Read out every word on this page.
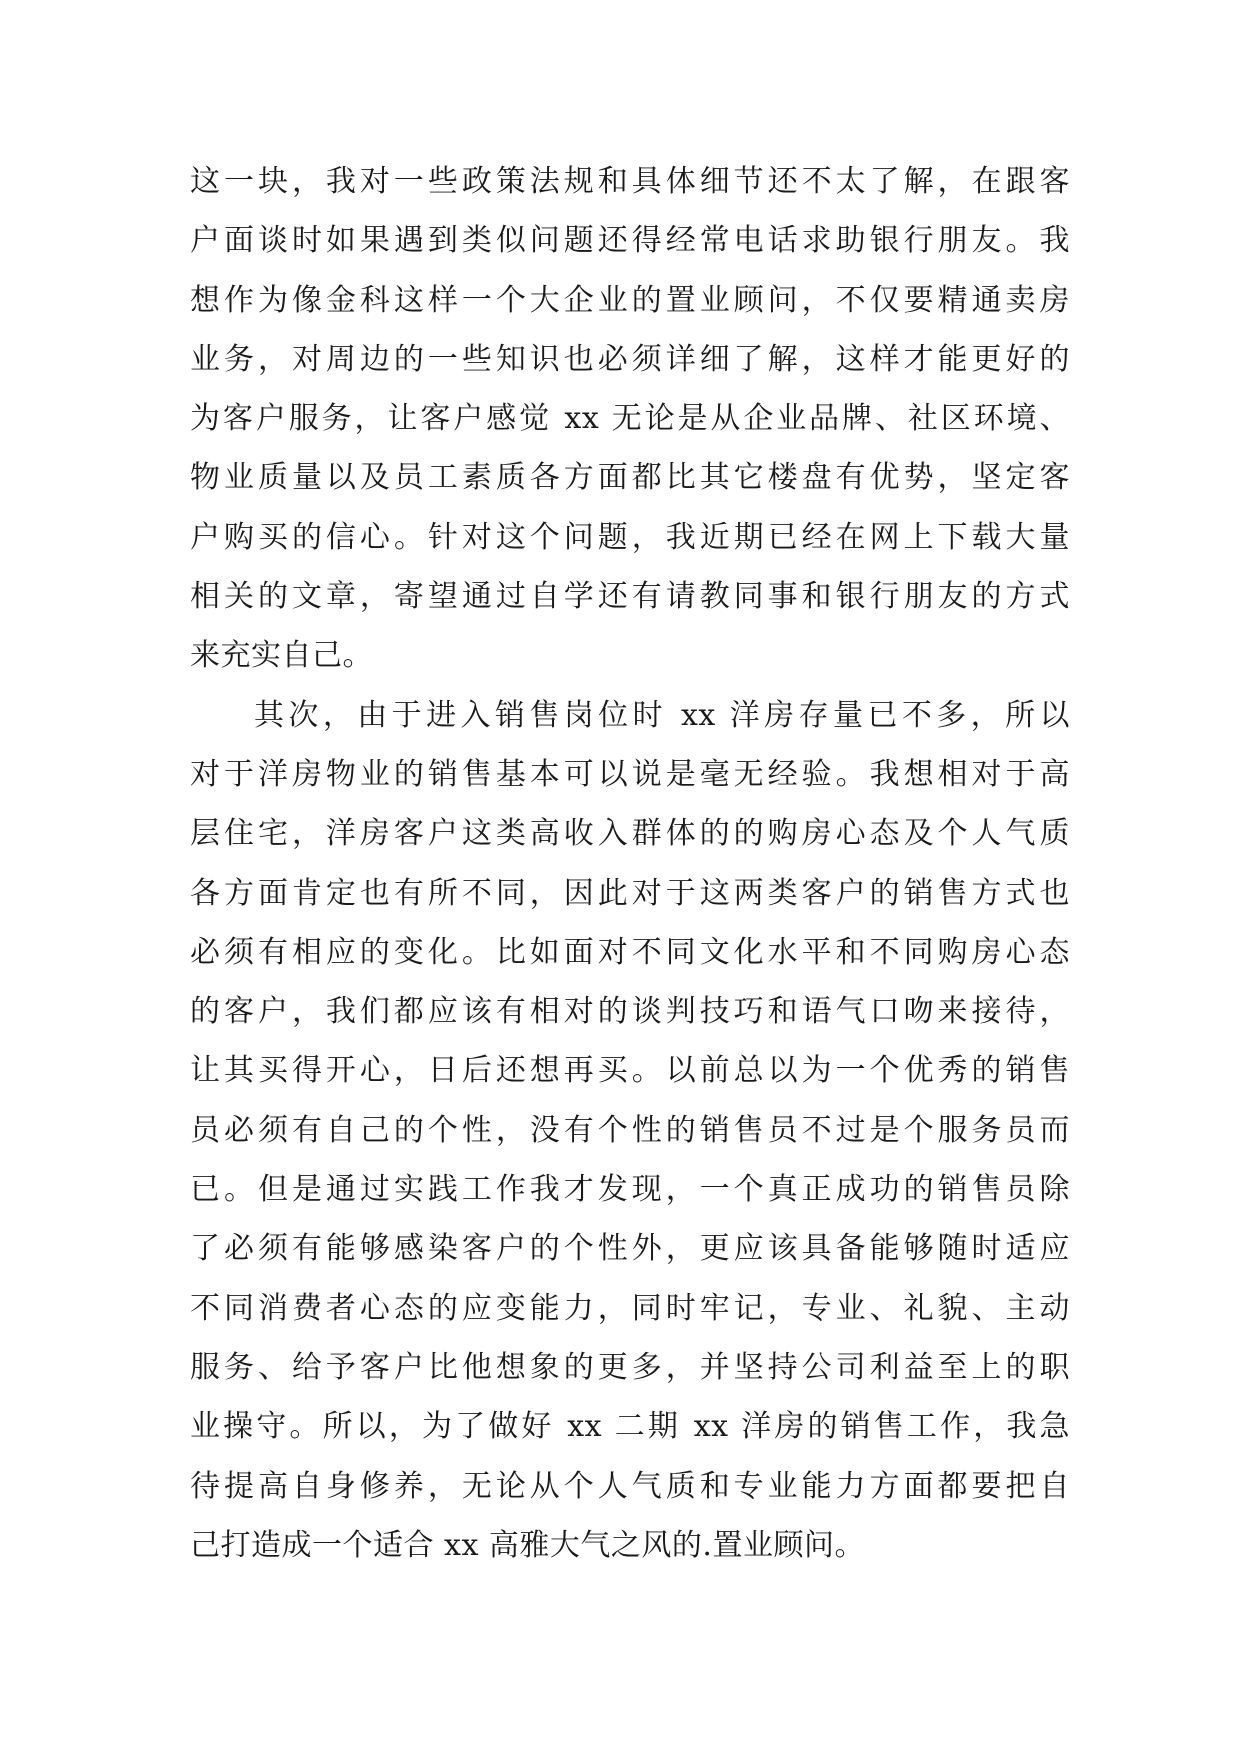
这一块，我对一些政策法规和具体细节还不太了解，在跟客
户面谈时如果遇到类似问题还得经常电话求助银行朋友。我
想作为像金科这样一个大企业的置业顾问，不仅要精通卖房
业务，对周边的一些知识也必须详细了解，这样才能更好的
为客户服务，让客户感觉 xx 无论是从企业品牌、社区环境、
物业质量以及员工素质各方面都比其它楼盘有优势，坚定客
户购买的信心。针对这个问题，我近期已经在网上下载大量
相关的文章，寄望通过自学还有请教同事和银行朋友的方式
来充实自己。
其次，由于进入销售岗位时 xx 洋房存量已不多，所以
对于洋房物业的销售基本可以说是毫无经验。我想相对于高
层住宅，洋房客户这类高收入群体的的购房心态及个人气质
各方面肯定也有所不同，因此对于这两类客户的销售方式也
必须有相应的变化。比如面对不同文化水平和不同购房心态
的客户，我们都应该有相对的谈判技巧和语气口吻来接待，
让其买得开心，日后还想再买。以前总以为一个优秀的销售
员必须有自己的个性，没有个性的销售员不过是个服务员而
已。但是通过实践工作我才发现，一个真正成功的销售员除
了必须有能够感染客户的个性外，更应该具备能够随时适应
不同消费者心态的应变能力，同时牢记，专业、礼貌、主动
服务、给予客户比他想象的更多，并坚持公司利益至上的职
业操守。所以，为了做好 xx 二期 xx 洋房的销售工作，我急
待提高自身修养，无论从个人气质和专业能力方面都要把自
己打造成一个适合 xx 高雅大气之风的.置业顾问。
